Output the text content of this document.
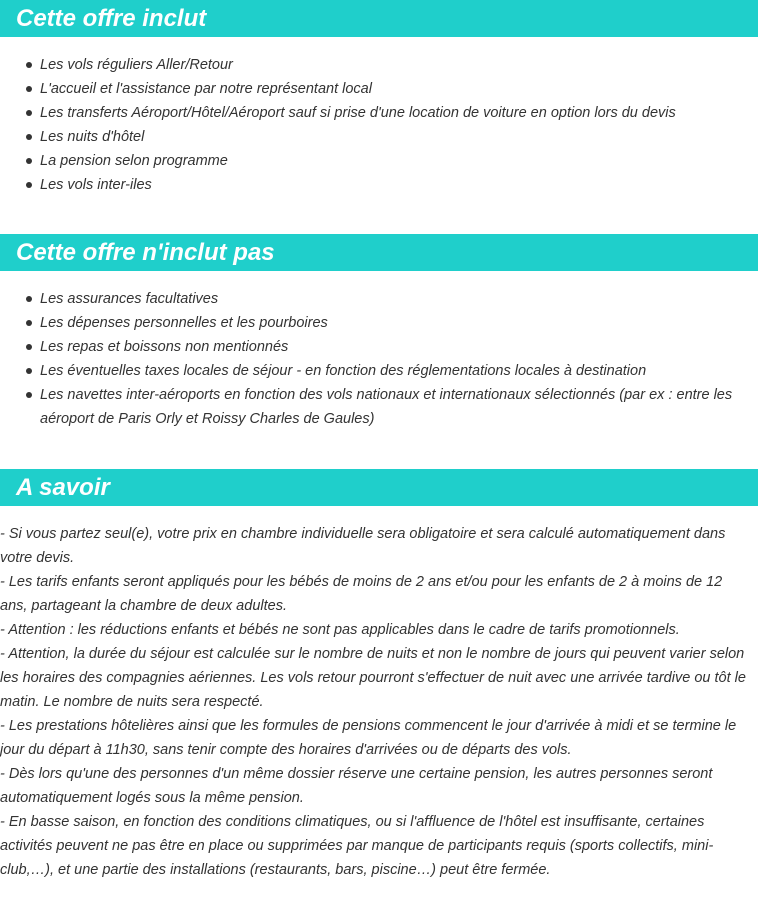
Cette offre inclut
Les vols réguliers Aller/Retour
L'accueil et l'assistance par notre représentant local
Les transferts Aéroport/Hôtel/Aéroport sauf si prise d'une location de voiture en option lors du devis
Les nuits d'hôtel
La pension selon programme
Les vols inter-iles
Cette offre n'inclut pas
Les assurances facultatives
Les dépenses personnelles et les pourboires
Les repas et boissons non mentionnés
Les éventuelles taxes locales de séjour - en fonction des réglementations locales à destination
Les navettes inter-aéroports en fonction des vols nationaux et internationaux sélectionnés (par ex : entre les aéroport de Paris Orly et Roissy Charles de Gaules)
A savoir

- Si vous partez seul(e), votre prix en chambre individuelle sera obligatoire et sera calculé automatiquement dans votre devis.

- Les tarifs enfants seront appliqués pour les bébés de moins de 2 ans et/ou pour les enfants de 2 à moins de 12 ans, partageant la chambre de deux adultes.

- Attention : les réductions enfants et bébés ne sont pas applicables dans le cadre de tarifs promotionnels.

- Attention, la durée du séjour est calculée sur le nombre de nuits et non le nombre de jours qui peuvent varier selon les horaires des compagnies aériennes. Les vols retour pourront s'effectuer de nuit avec une arrivée tardive ou tôt le matin. Le nombre de nuits sera respecté.

- Les prestations hôtelières ainsi que les formules de pensions commencent le jour d'arrivée à midi et se termine le jour du départ à 11h30, sans tenir compte des horaires d'arrivées ou de départs des vols.

- Dès lors qu'une des personnes d'un même dossier réserve une certaine pension, les autres personnes seront automatiquement logés sous la même pension.

- En basse saison, en fonction des conditions climatiques, ou si l'affluence de l'hôtel est insuffisante, certaines activités peuvent ne pas être en place ou supprimées par manque de participants requis (sports collectifs, mini-club,…), et une partie des installations (restaurants, bars, piscine…) peut être fermée.
